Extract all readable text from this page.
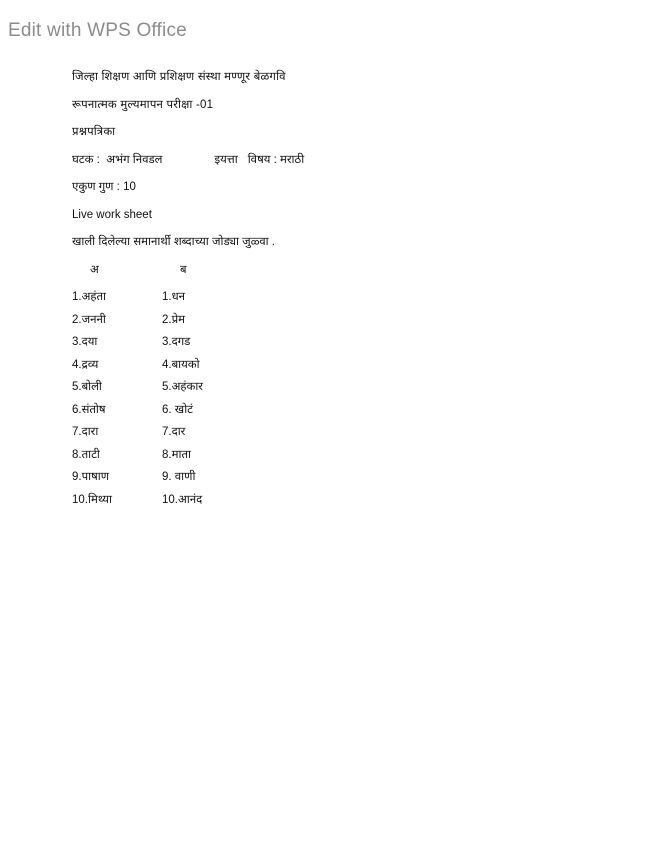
Edit with WPS Office

जिल्हा शिक्षण आणि प्रशिक्षण संस्था मण्णूर बेळगवि

रूपनात्मक मुल्यमापन परीक्षा -01

प्रश्नपत्रिका

घटक :  अभंग निवडल	इयत्ता विषय : मराठी

एकुण गुण : 10

Live work sheet

खाली दिलेल्या समानार्थी शब्दाच्या जोड्या जुळ्वा .

अ	ब
1.अहंता	1.धन
2.जननी	2.प्रेम
3.दया	3.दगड
4.द्रव्य	4.बायको
5.बोली	5.अहंकार
6.संतोष	6. खोटं
7.दारा	7.दार
8.ताटी	8.माता
9.पाषाण	9. वाणी
10.मिथ्या	10.आनंद
